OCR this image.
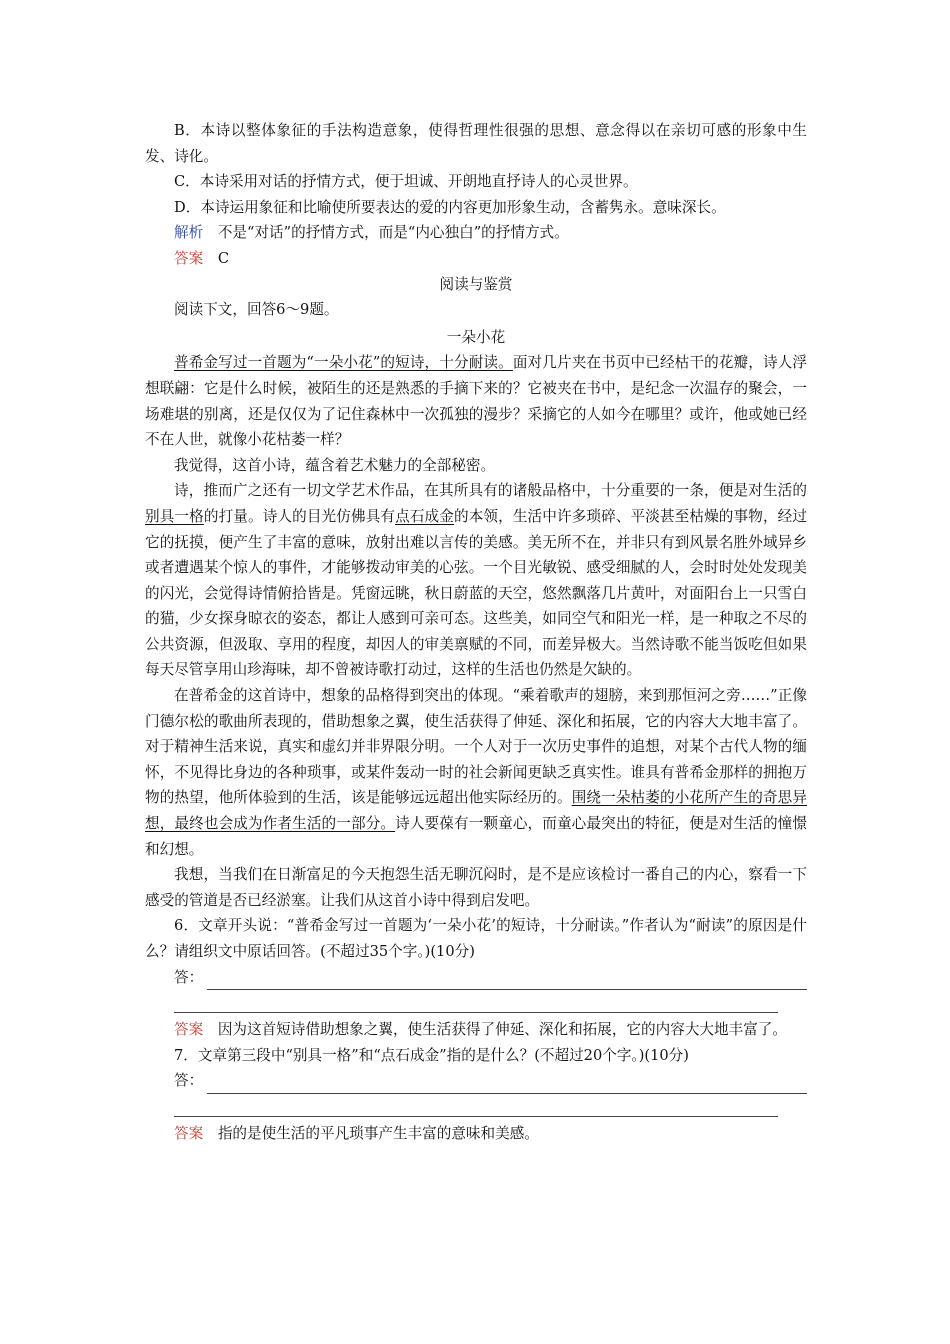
B．本诗以整体象征的手法构造意象，使得哲理性很强的思想、意念得以在亲切可感的形象中生发、诗化。

C．本诗采用对话的抒情方式，便于坦诚、开朗地直抒诗人的心灵世界。

D．本诗运用象征和比喻使所要表达的爱的内容更加形象生动，含蓄隽永。意味深长。

解析　 不是“对话”的抒情方式，而是“内心独白”的抒情方式。

答案　 C

阅读与鉴赏

阅读下文，回答6～9题。

一朵小花

普希金写过一首题为“一朵小花”的短诗，十分耐读。面对几片夹在书页中已经枯干的花瓣，诗人浮想联翩：它是什么时候，被陌生的还是熟悉的手摘下来的？它被夹在书中，是纪念一次温存的聚会，一场难堪的别离，还是仅仅为了记住森林中一次孤独的漫步？采摘它的人如今在哪里？或许，他或她已经不在人世，就像小花枯萎一样？

我觉得，这首小诗，蕴含着艺术魅力的全部秘密。

诗，推而广之还有一切文学艺术作品，在其所具有的诸般品格中，十分重要的一条，便是对生活的别具一格的打量。诗人的目光仿佛具有点石成金的本领，生活中许多琐碎、平淡甚至枯燥的事物，经过它的抚摸，便产生了丰富的意味，放射出难以言传的美感。美无所不在，并非只有到风景名胜外域异乡或者遭遇某个惊人的事件，才能够拨动审美的心弦。一个目光敏锐、感受细腻的人，会时时处处发现美的闪光，会觉得诗情俯拾皆是。凭窗远眺，秋日蔚蓝的天空，悠然飘落几片黄叶，对面阳台上一只雪白的猫，少女探身晾衣的姿态，都让人感到可亲可态。这些美，如同空气和阳光一样，是一种取之不尽的公共资源，但汲取、享用的程度，却因人的审美禀赋的不同，而差异极大。当然诗歌不能当饭吃但如果每天尽管享用山珍海味，却不曾被诗歌打动过，这样的生活也仍然是欠缺的。

在普希金的这首诗中，想象的品格得到突出的体现。“乘着歌声的翅膀，来到那恒河之旁……”正像门德尔松的歌曲所表现的，借助想象之翼，使生活获得了伸延、深化和拓展，它的内容大大地丰富了。对于精神生活来说，真实和虚幻并非界限分明。一个人对于一次历史事件的追想，对某个古代人物的缅怀，不见得比身边的各种琐事，或某件轰动一时的社会新闻更缺乏真实性。谁具有普希金那样的拥抱万物的热望，他所体验到的生活，该是能够远远超出他实际经历的。围绕一朵枯萎的小花所产生的奇思异想，最终也会成为作者生活的一部分。诗人要葆有一颗童心，而童心最突出的特征，便是对生活的憧憬和幻想。

我想，当我们在日渐富足的今天抱怨生活无聊沉闷时，是不是应该检讨一番自己的内心，察看一下感受的管道是否已经淤塞。让我们从这首小诗中得到启发吧。

6．文章开头说：“普希金写过一首题为‘一朵小花’的短诗，十分耐读。”作者认为“耐读”的原因是什么？请组织文中原话回答。(不超过35个字。)(10分)

答：

答案　 因为这首短诗借助想象之翼，使生活获得了伸延、深化和拓展，它的内容大大地丰富了。

7．文章第三段中“别具一格”和“点石成金”指的是什么？(不超过20个字。)(10分)

答：

答案　 指的是使生活的平凡琐事产生丰富的意味和美感。
